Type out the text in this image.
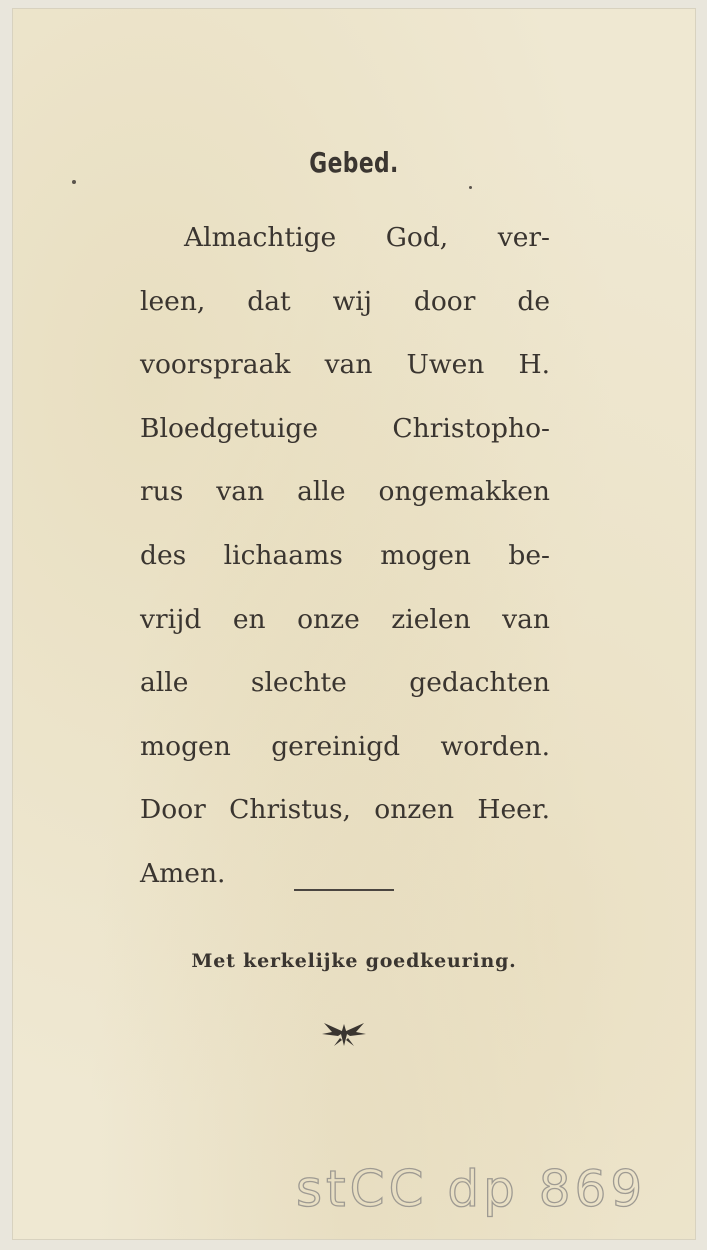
Gebed.
Almachtige God, ver-
leen, dat wij door de
voorspraak van Uwen H.
Bloedgetuige Christopho-
rus van alle ongemakken
des lichaams mogen be-
vrijd en onze zielen van
alle slechte gedachten
mogen gereinigd worden.
Door Christus, onzen Heer.
Amen.
Met kerkelijke goedkeuring.
stCC dp 869
